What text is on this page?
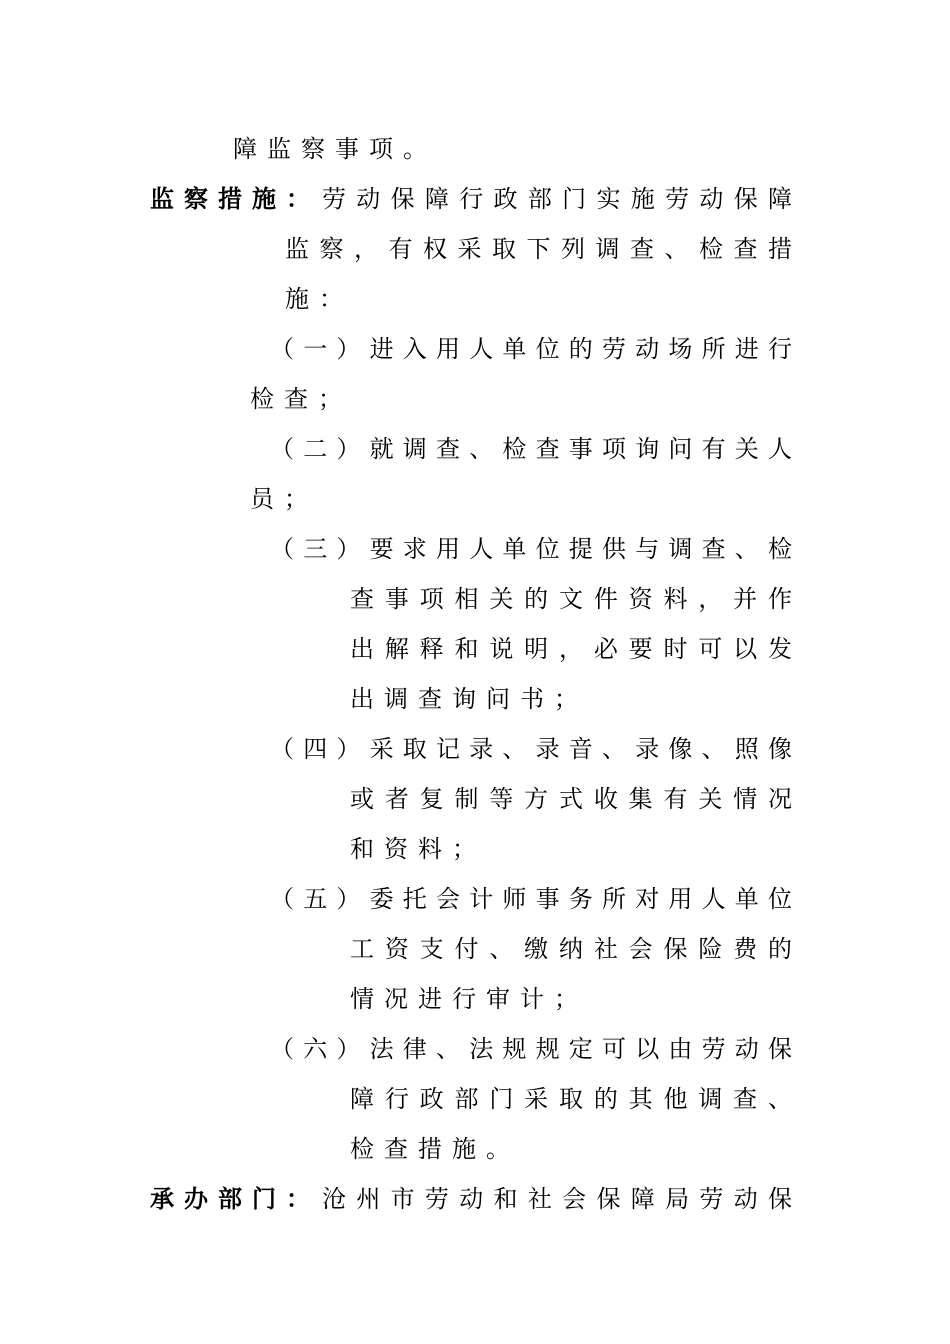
障监察事项。

监察措施： 劳动保障行政部门实施劳动保障

监察，有权采取下列调查、检查措

施：

（一）进入用人单位的劳动场所进行

检查；

（二）就调查、检查事项询问有关人

员；

（三）要求用人单位提供与调查、检

查事项相关的文件资料，并作

出解释和说明，必要时可以发

出调查询问书；

（四）采取记录、录音、录像、照像

或者复制等方式收集有关情况

和资料；

（五）委托会计师事务所对用人单位

工资支付、缴纳社会保险费的

情况进行审计；

（六）法律、法规规定可以由劳动保

障行政部门采取的其他调查、

检查措施。

承办部门： 沧州市劳动和社会保障局劳动保
